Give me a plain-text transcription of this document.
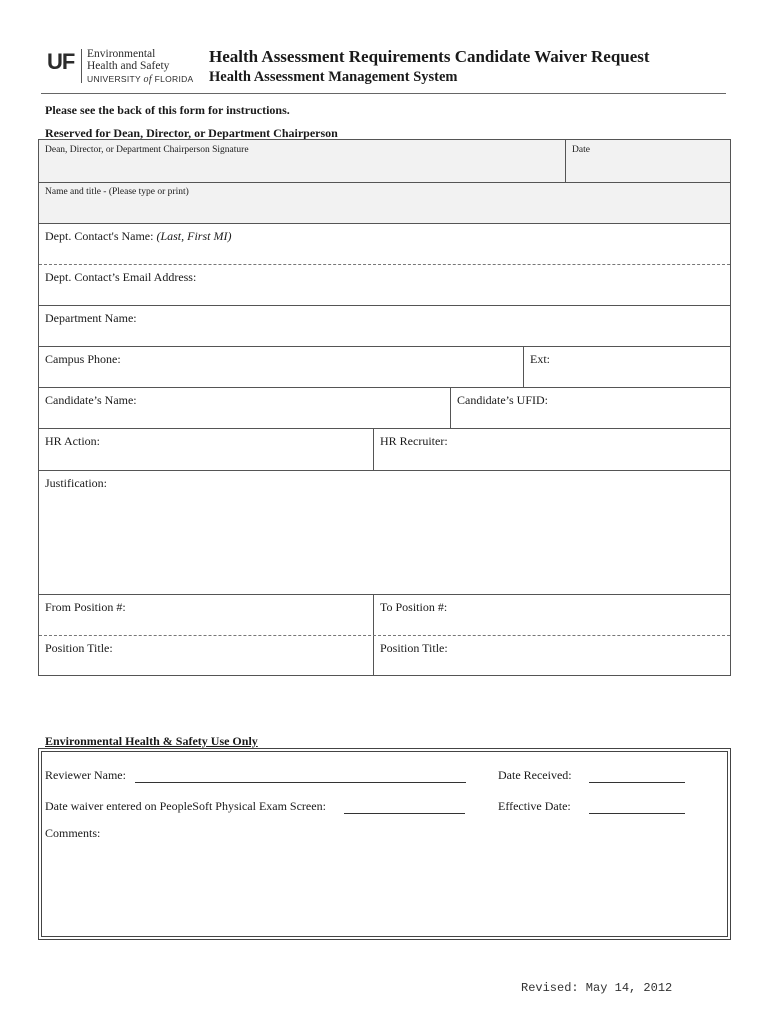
UF Environmental
Health and Safety
UNIVERSITY of FLORIDA
Health Assessment Requirements Candidate Waiver Request
Health Assessment Management System
Please see the back of this form for instructions.
Reserved for Dean, Director, or Department Chairperson
Dean, Director, or Department Chairperson Signature	Date
Name and title - (Please type or print)
Dept. Contact's Name: (Last, First MI)
Dept. Contact’s Email Address:
Department Name:
Campus Phone:	Ext:
Candidate’s Name:	Candidate’s UFID:
HR Action:	HR Recruiter:
Justification:
From Position #:	To Position #:
Position Title:	Position Title:
Environmental Health & Safety Use Only
Reviewer Name:	Date Received:
Date waiver entered on PeopleSoft Physical Exam Screen:	Effective Date:
Comments:
Revised: May 14, 2012
